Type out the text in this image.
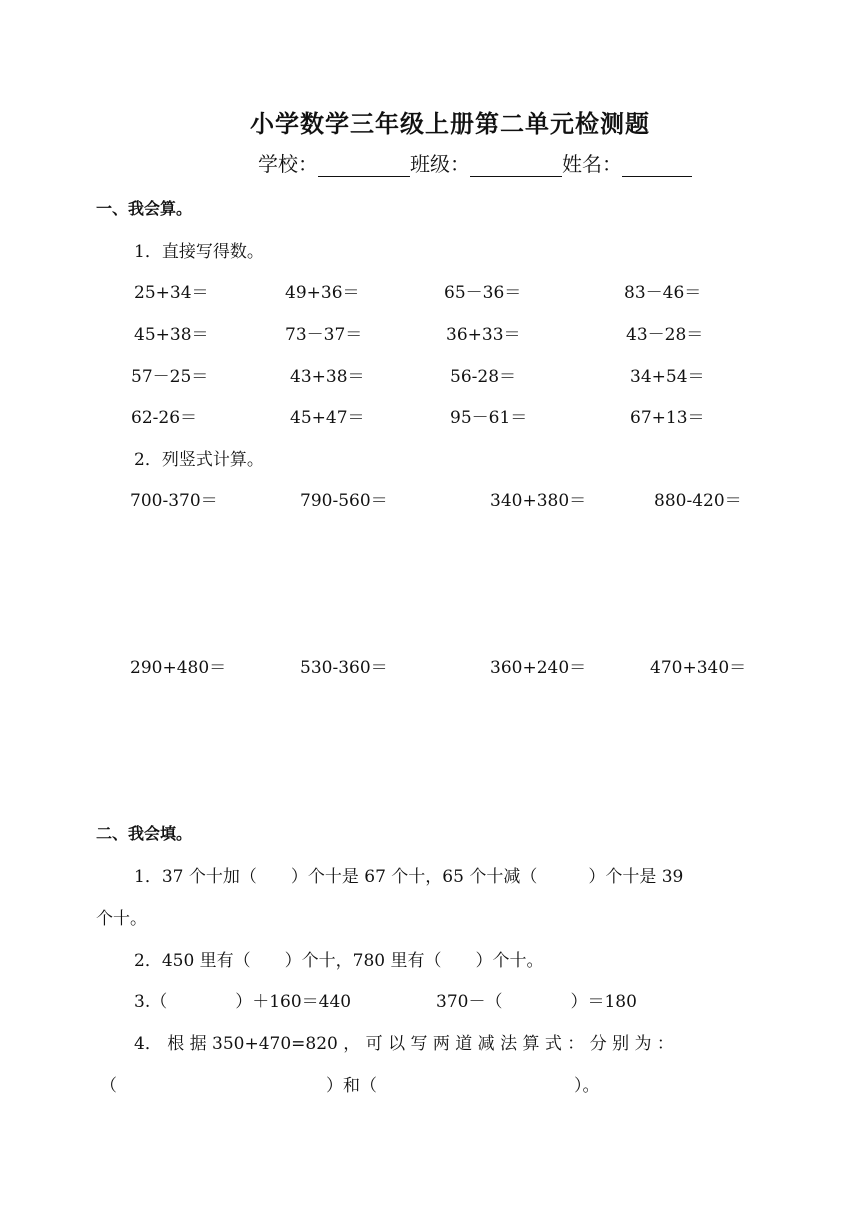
小学数学三年级上册第二单元检测题
学校：	班级：	姓名：
一、我会算。
1．直接写得数。
25+34＝	49+36＝	65－36＝	83－46＝
45+38＝	73－37＝	36+33＝	43－28＝
57－25＝	43+38＝	56-28＝	34+54＝
62-26＝	45+47＝	95－61＝	67+13＝
2．列竖式计算。
700-370＝	790-560＝	340+380＝	880-420＝
290+480＝	530-360＝	360+240＝	470+340＝
二、我会填。
1．37 个十加（　　）个十是 67 个十，65 个十减（　　　）个十是 39
个十。
2．450 里有（　　）个十，780 里有（　　）个十。
3.（　　　　）＋160＝440	370－（　　　　）＝180
4． 根 据 350+470=820 ， 可 以 写 两 道 减 法 算 式 ： 分 别 为 ：
（	）和（	）。
